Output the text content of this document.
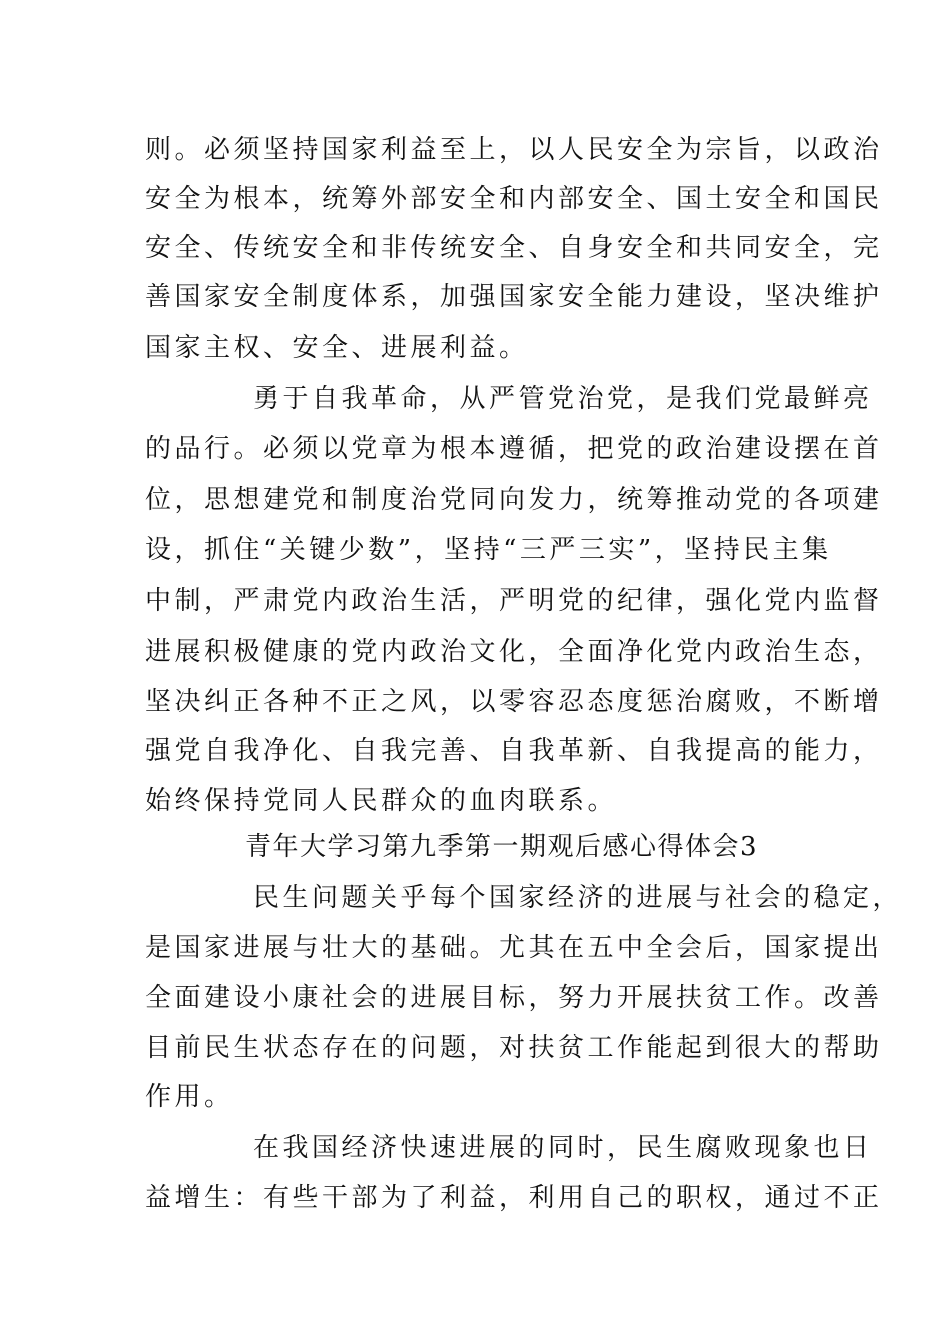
则。必须坚持国家利益至上，以人民安全为宗旨，以政治

安全为根本，统筹外部安全和内部安全、国土安全和国民

安全、传统安全和非传统安全、自身安全和共同安全，完

善国家安全制度体系，加强国家安全能力建设，坚决维护

国家主权、安全、进展利益。

勇于自我革命，从严管党治党，是我们党最鲜亮

的品行。必须以党章为根本遵循，把党的政治建设摆在首

位，思想建党和制度治党同向发力，统筹推动党的各项建

设，抓住“关键少数”，坚持“三严三实”，坚持民主集

中制，严肃党内政治生活，严明党的纪律，强化党内监督

进展积极健康的党内政治文化，全面净化党内政治生态，

坚决纠正各种不正之风，以零容忍态度惩治腐败，不断增

强党自我净化、自我完善、自我革新、自我提高的能力，

始终保持党同人民群众的血肉联系。

青年大学习第九季第一期观后感心得体会3

民生问题关乎每个国家经济的进展与社会的稳定，

是国家进展与壮大的基础。尤其在五中全会后，国家提出

全面建设小康社会的进展目标，努力开展扶贫工作。改善

目前民生状态存在的问题，对扶贫工作能起到很大的帮助

作用。

在我国经济快速进展的同时，民生腐败现象也日

益增生：有些干部为了利益，利用自己的职权，通过不正
